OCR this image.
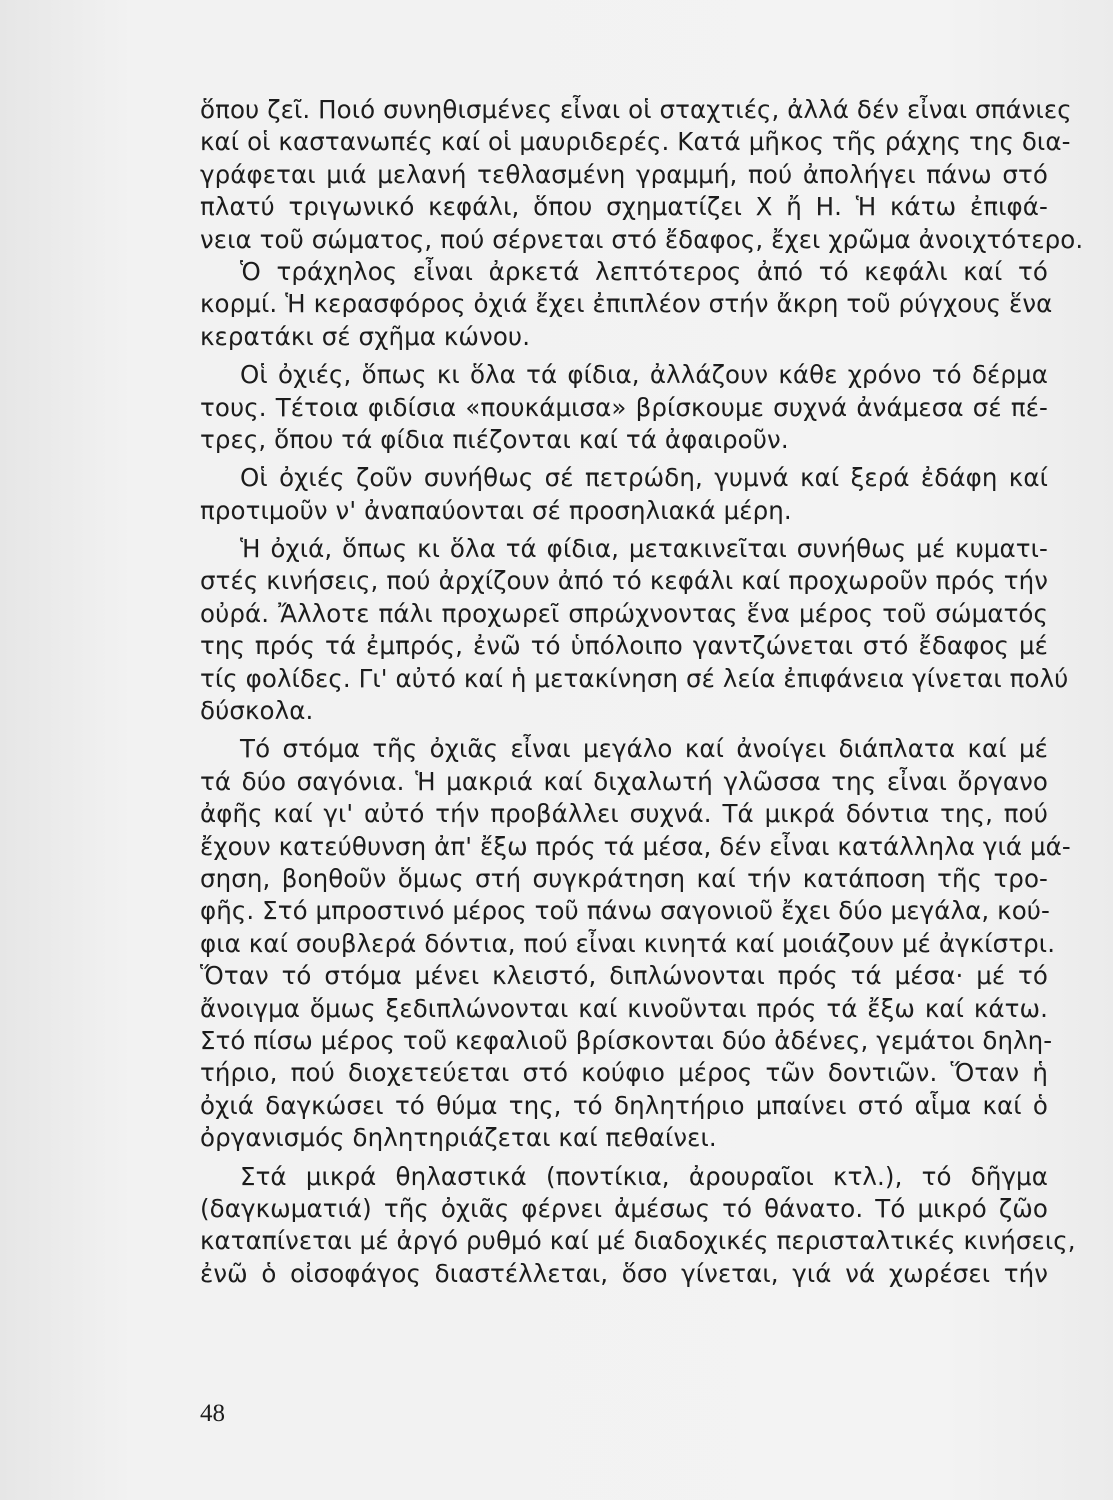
ὅπου ζεῖ. Ποιό συνηθισμένες εἶναι οἱ σταχτιές, ἀλλά δέν εἶναι σπάνιες
καί οἱ καστανωπές καί οἱ μαυριδερές. Κατά μῆκος τῆς ράχης της δια-
γράφεται μιά μελανή τεθλασμένη γραμμή, πού ἀπολήγει πάνω στό
πλατύ τριγωνικό κεφάλι, ὅπου σχηματίζει Χ ἤ Η. Ἡ κάτω ἐπιφά-
νεια τοῦ σώματος, πού σέρνεται στό ἔδαφος, ἔχει χρῶμα ἀνοιχτότερο.
Ὁ τράχηλος εἶναι ἀρκετά λεπτότερος ἀπό τό κεφάλι καί τό
κορμί. Ἡ κερασφόρος ὀχιά ἔχει ἐπιπλέον στήν ἄκρη τοῦ ρύγχους ἕνα
κερατάκι σέ σχῆμα κώνου.
Οἱ ὀχιές, ὅπως κι ὅλα τά φίδια, ἀλλάζουν κάθε χρόνο τό δέρμα
τους. Τέτοια φιδίσια «πουκάμισα» βρίσκουμε συχνά ἀνάμεσα σέ πέ-
τρες, ὅπου τά φίδια πιέζονται καί τά ἀφαιροῦν.
Οἱ ὀχιές ζοῦν συνήθως σέ πετρώδη, γυμνά καί ξερά ἐδάφη καί
προτιμοῦν ν' ἀναπαύονται σέ προσηλιακά μέρη.
Ἡ ὀχιά, ὅπως κι ὅλα τά φίδια, μετακινεῖται συνήθως μέ κυματι-
στές κινήσεις, πού ἀρχίζουν ἀπό τό κεφάλι καί προχωροῦν πρός τήν
οὐρά. Ἄλλοτε πάλι προχωρεῖ σπρώχνοντας ἕνα μέρος τοῦ σώματός
της πρός τά ἐμπρός, ἐνῶ τό ὑπόλοιπο γαντζώνεται στό ἔδαφος μέ
τίς φολίδες. Γι' αὐτό καί ἡ μετακίνηση σέ λεία ἐπιφάνεια γίνεται πολύ
δύσκολα.
Τό στόμα τῆς ὀχιᾶς εἶναι μεγάλο καί ἀνοίγει διάπλατα καί μέ
τά δύο σαγόνια. Ἡ μακριά καί διχαλωτή γλῶσσα της εἶναι ὄργανο
ἀφῆς καί γι' αὐτό τήν προβάλλει συχνά. Τά μικρά δόντια της, πού
ἔχουν κατεύθυνση ἀπ' ἔξω πρός τά μέσα, δέν εἶναι κατάλληλα γιά μά-
σηση, βοηθοῦν ὅμως στή συγκράτηση καί τήν κατάποση τῆς τρο-
φῆς. Στό μπροστινό μέρος τοῦ πάνω σαγονιοῦ ἔχει δύο μεγάλα, κού-
φια καί σουβλερά δόντια, πού εἶναι κινητά καί μοιάζουν μέ ἀγκίστρι.
Ὅταν τό στόμα μένει κλειστό, διπλώνονται πρός τά μέσα· μέ τό
ἄνοιγμα ὅμως ξεδιπλώνονται καί κινοῦνται πρός τά ἔξω καί κάτω.
Στό πίσω μέρος τοῦ κεφαλιοῦ βρίσκονται δύο ἀδένες, γεμάτοι δηλη-
τήριο, πού διοχετεύεται στό κούφιο μέρος τῶν δοντιῶν. Ὅταν ἡ
ὀχιά δαγκώσει τό θύμα της, τό δηλητήριο μπαίνει στό αἷμα καί ὁ
ὀργανισμός δηλητηριάζεται καί πεθαίνει.
Στά μικρά θηλαστικά (ποντίκια, ἀρουραῖοι κτλ.), τό δῆγμα
(δαγκωματιά) τῆς ὀχιᾶς φέρνει ἀμέσως τό θάνατο. Τό μικρό ζῶο
καταπίνεται μέ ἀργό ρυθμό καί μέ διαδοχικές περισταλτικές κινήσεις,
ἐνῶ ὁ οἰσοφάγος διαστέλλεται, ὅσο γίνεται, γιά νά χωρέσει τήν
48
